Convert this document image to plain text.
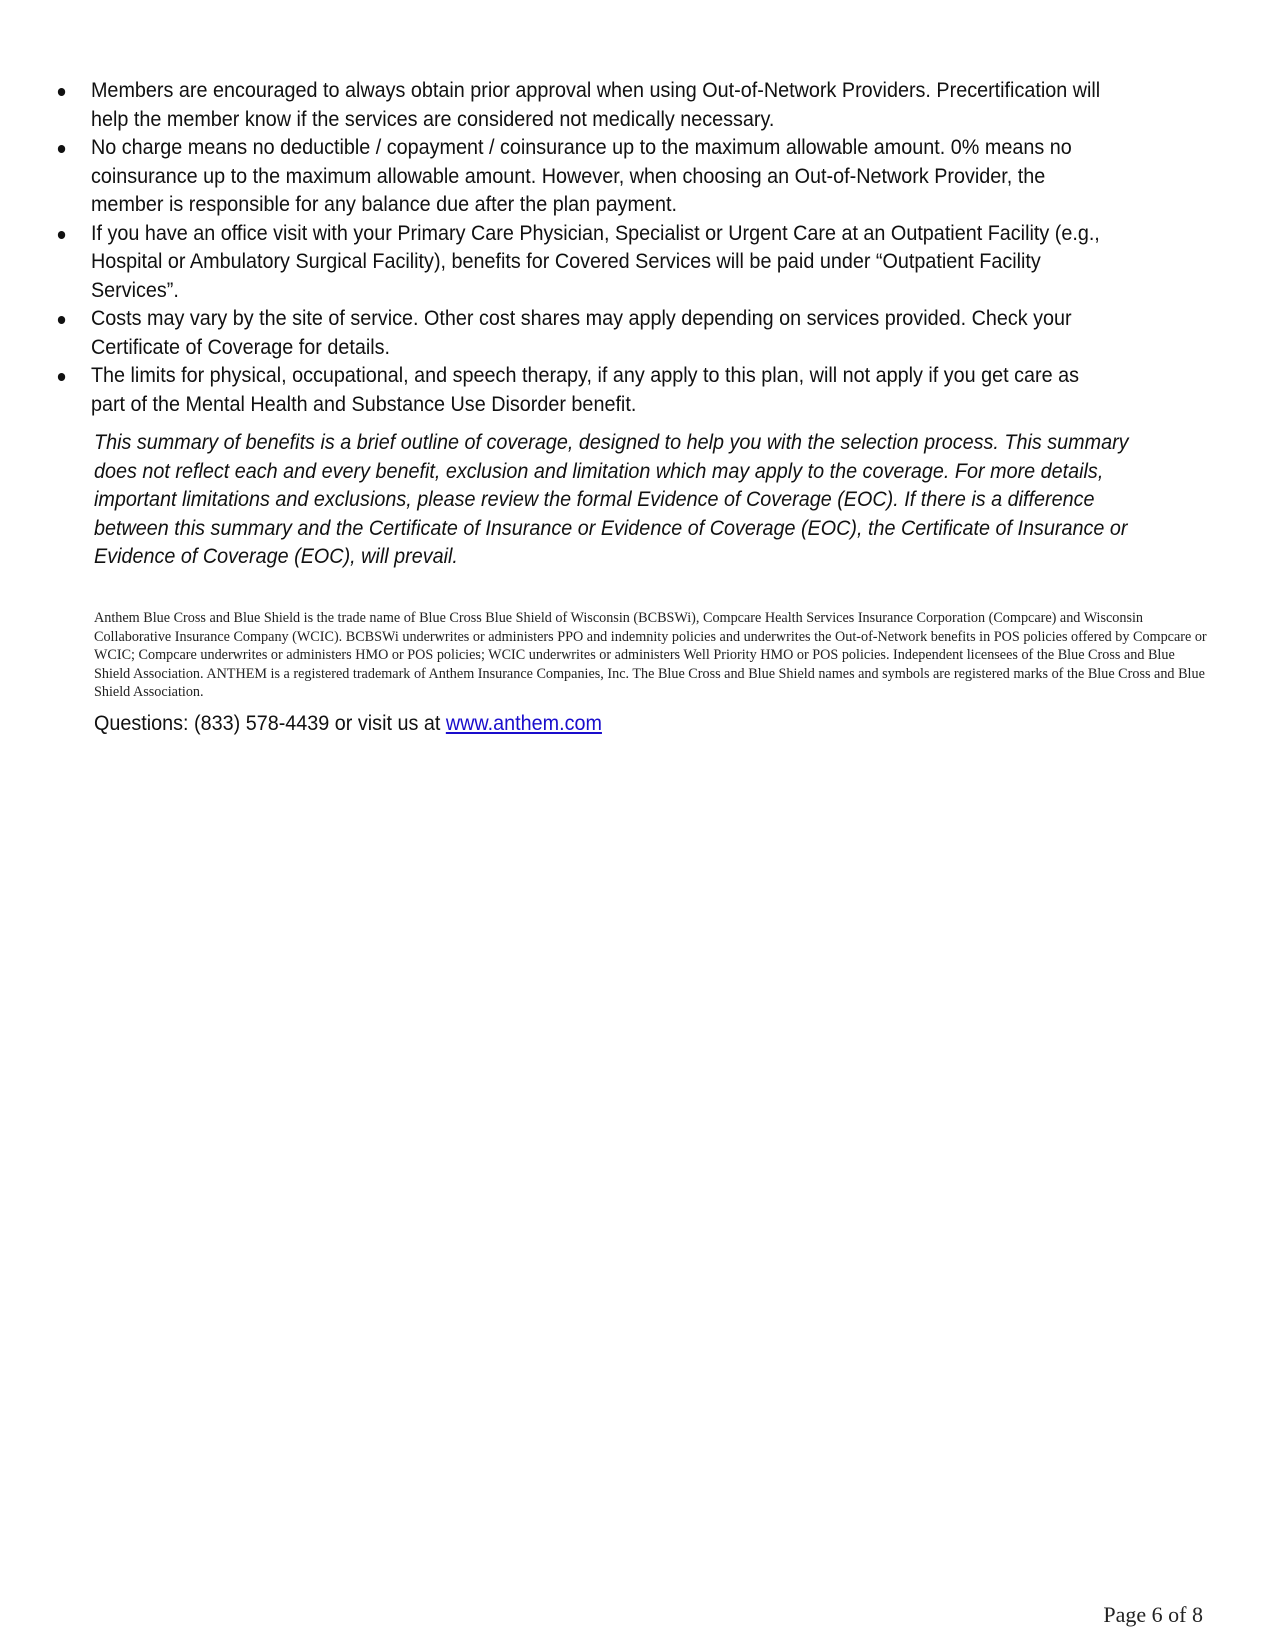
Members are encouraged to always obtain prior approval when using Out-of-Network Providers. Precertification will help the member know if the services are considered not medically necessary.
No charge means no deductible / copayment / coinsurance up to the maximum allowable amount. 0% means no coinsurance up to the maximum allowable amount. However, when choosing an Out-of-Network Provider, the member is responsible for any balance due after the plan payment.
If you have an office visit with your Primary Care Physician, Specialist or Urgent Care at an Outpatient Facility (e.g., Hospital or Ambulatory Surgical Facility), benefits for Covered Services will be paid under “Outpatient Facility Services”.
Costs may vary by the site of service. Other cost shares may apply depending on services provided. Check your Certificate of Coverage for details.
The limits for physical, occupational, and speech therapy, if any apply to this plan, will not apply if you get care as part of the Mental Health and Substance Use Disorder benefit.

This summary of benefits is a brief outline of coverage, designed to help you with the selection process. This summary does not reflect each and every benefit, exclusion and limitation which may apply to the coverage. For more details, important limitations and exclusions, please review the formal Evidence of Coverage (EOC). If there is a difference between this summary and the Certificate of Insurance or Evidence of Coverage (EOC), the Certificate of Insurance or Evidence of Coverage (EOC), will prevail.

Anthem Blue Cross and Blue Shield is the trade name of Blue Cross Blue Shield of Wisconsin (BCBSWi), Compcare Health Services Insurance Corporation (Compcare) and Wisconsin Collaborative Insurance Company (WCIC). BCBSWi underwrites or administers PPO and indemnity policies and underwrites the Out-of-Network benefits in POS policies offered by Compcare or WCIC; Compcare underwrites or administers HMO or POS policies; WCIC underwrites or administers Well Priority HMO or POS policies. Independent licensees of the Blue Cross and Blue Shield Association. ANTHEM is a registered trademark of Anthem Insurance Companies, Inc. The Blue Cross and Blue Shield names and symbols are registered marks of the Blue Cross and Blue Shield Association.

Questions: (833) 578-4439 or visit us at www.anthem.com

Page 6 of 8
